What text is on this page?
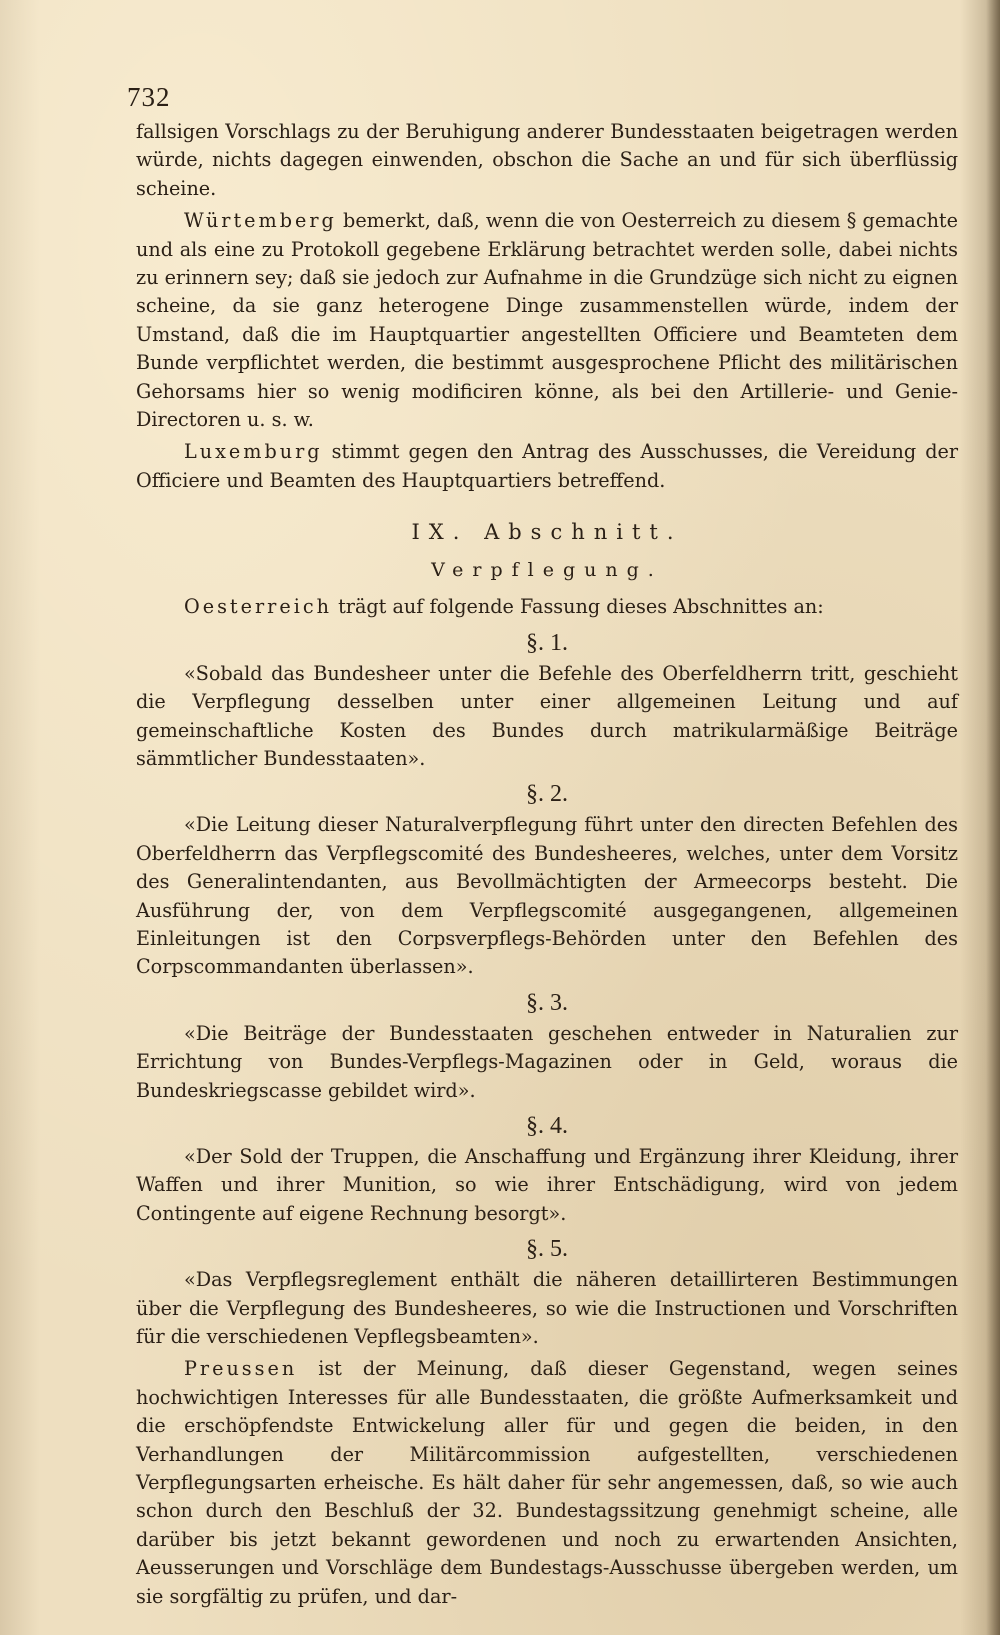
732

fallsigen Vorschlags zu der Beruhigung anderer Bundesstaaten beigetragen werden würde, nichts dagegen einwenden, obschon die Sache an und für sich überflüssig scheine.

Würtemberg bemerkt, daß, wenn die von Oesterreich zu diesem § gemachte und als eine zu Protokoll gegebene Erklärung betrachtet werden solle, dabei nichts zu erinnern sey; daß sie jedoch zur Aufnahme in die Grundzüge sich nicht zu eignen scheine, da sie ganz heterogene Dinge zusammenstellen würde, indem der Umstand, daß die im Hauptquartier angestellten Officiere und Beamteten dem Bunde verpflichtet werden, die bestimmt ausgesprochene Pflicht des militärischen Gehorsams hier so wenig modificiren könne, als bei den Artillerie- und Genie-Directoren u. s. w.

Luxemburg stimmt gegen den Antrag des Ausschusses, die Vereidung der Officiere und Beamten des Hauptquartiers betreffend.

IX. Abschnitt.

Verpflegung.

Oesterreich trägt auf folgende Fassung dieses Abschnittes an:

§. 1.

«Sobald das Bundesheer unter die Befehle des Oberfeldherrn tritt, geschieht die Verpflegung desselben unter einer allgemeinen Leitung und auf gemeinschaftliche Kosten des Bundes durch matrikularmäßige Beiträge sämmtlicher Bundesstaaten».

§. 2.

«Die Leitung dieser Naturalverpflegung führt unter den directen Befehlen des Oberfeldherrn das Verpflegscomité des Bundesheeres, welches, unter dem Vorsitz des Generalintendanten, aus Bevollmächtigten der Armeecorps besteht. Die Ausführung der, von dem Verpflegscomité ausgegangenen, allgemeinen Einleitungen ist den Corpsverpflegs-Behörden unter den Befehlen des Corpscommandanten überlassen».

§. 3.

«Die Beiträge der Bundesstaaten geschehen entweder in Naturalien zur Errichtung von Bundes-Verpflegs-Magazinen oder in Geld, woraus die Bundeskriegscasse gebildet wird».

§. 4.

«Der Sold der Truppen, die Anschaffung und Ergänzung ihrer Kleidung, ihrer Waffen und ihrer Munition, so wie ihrer Entschädigung, wird von jedem Contingente auf eigene Rechnung besorgt».

§. 5.

«Das Verpflegsreglement enthält die näheren detaillirteren Bestimmungen über die Verpflegung des Bundesheeres, so wie die Instructionen und Vorschriften für die verschiedenen Vepflegsbeamten».

Preussen ist der Meinung, daß dieser Gegenstand, wegen seines hochwichtigen Interesses für alle Bundesstaaten, die größte Aufmerksamkeit und die erschöpfendste Entwickelung aller für und gegen die beiden, in den Verhandlungen der Militärcommission aufgestellten, verschiedenen Verpflegungsarten erheische. Es hält daher für sehr angemessen, daß, so wie auch schon durch den Beschluß der 32. Bundestagssitzung genehmigt scheine, alle darüber bis jetzt bekannt gewordenen und noch zu erwartenden Ansichten, Aeusserungen und Vorschläge dem Bundestags-Ausschusse übergeben werden, um sie sorgfältig zu prüfen, und dar-
